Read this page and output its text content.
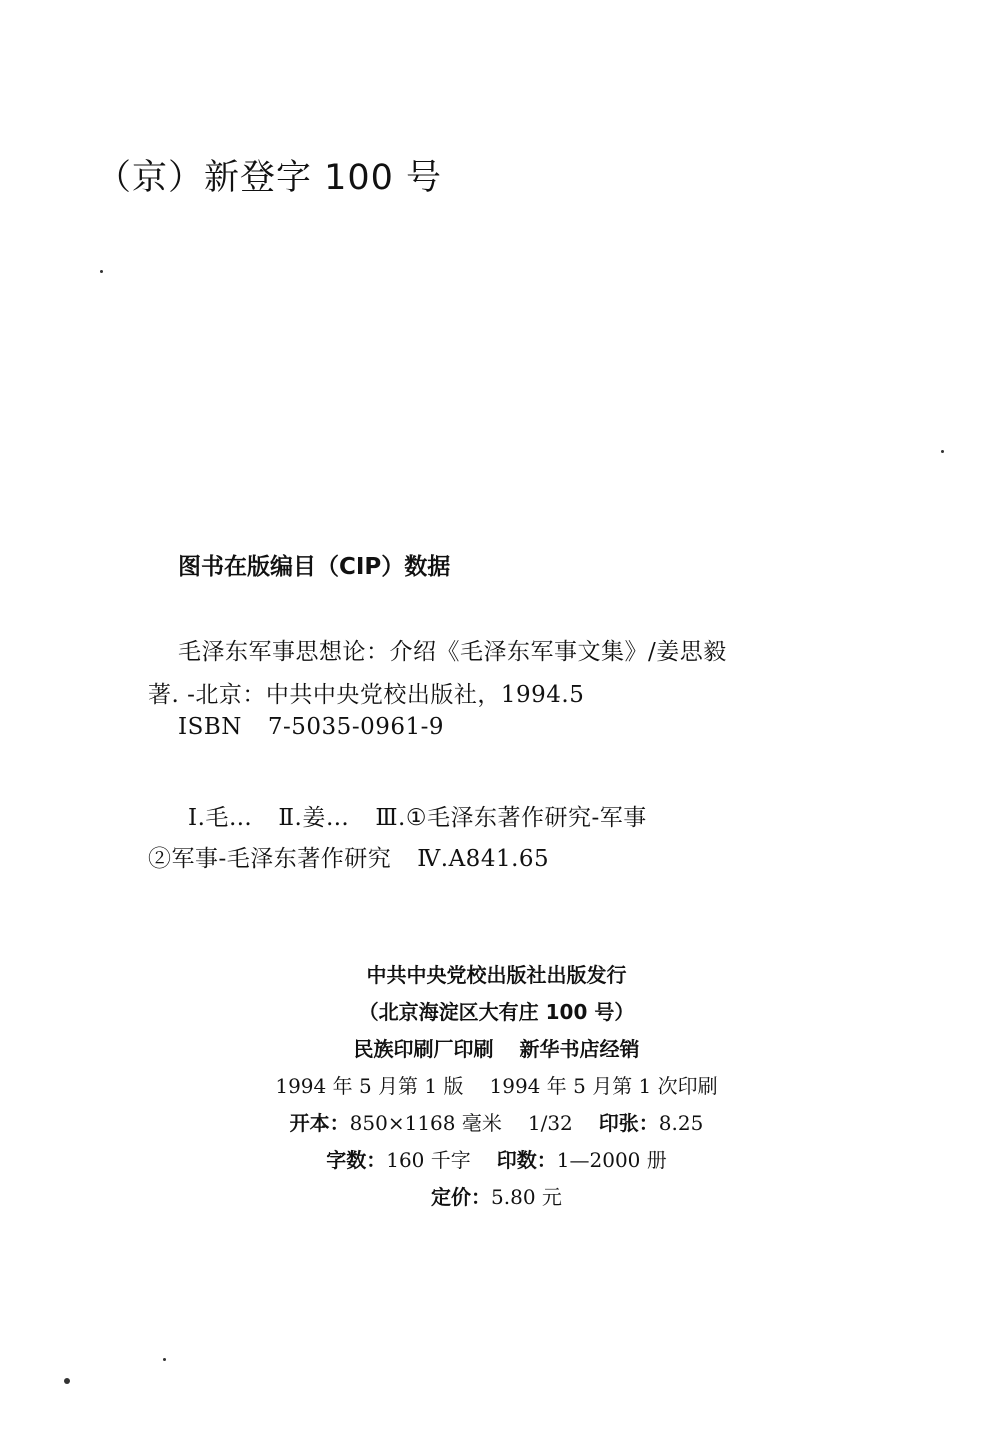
（京）新登字 100 号
图书在版编目（CIP）数据
毛泽东军事思想论：介绍《毛泽东军事文集》/姜思毅
著. -北京：中共中央党校出版社，1994.5
ISBN 7-5035-0961-9
Ⅰ.毛… Ⅱ.姜… Ⅲ.①毛泽东著作研究-军事
②军事-毛泽东著作研究 Ⅳ.A841.65
中共中央党校出版社出版发行
（北京海淀区大有庄 100 号）
民族印刷厂印刷 新华书店经销
1994 年 5 月第 1 版 1994 年 5 月第 1 次印刷
开本：850×1168 毫米 1/32 印张：8.25
字数：160 千字 印数：1—2000 册
定价：5.80 元
